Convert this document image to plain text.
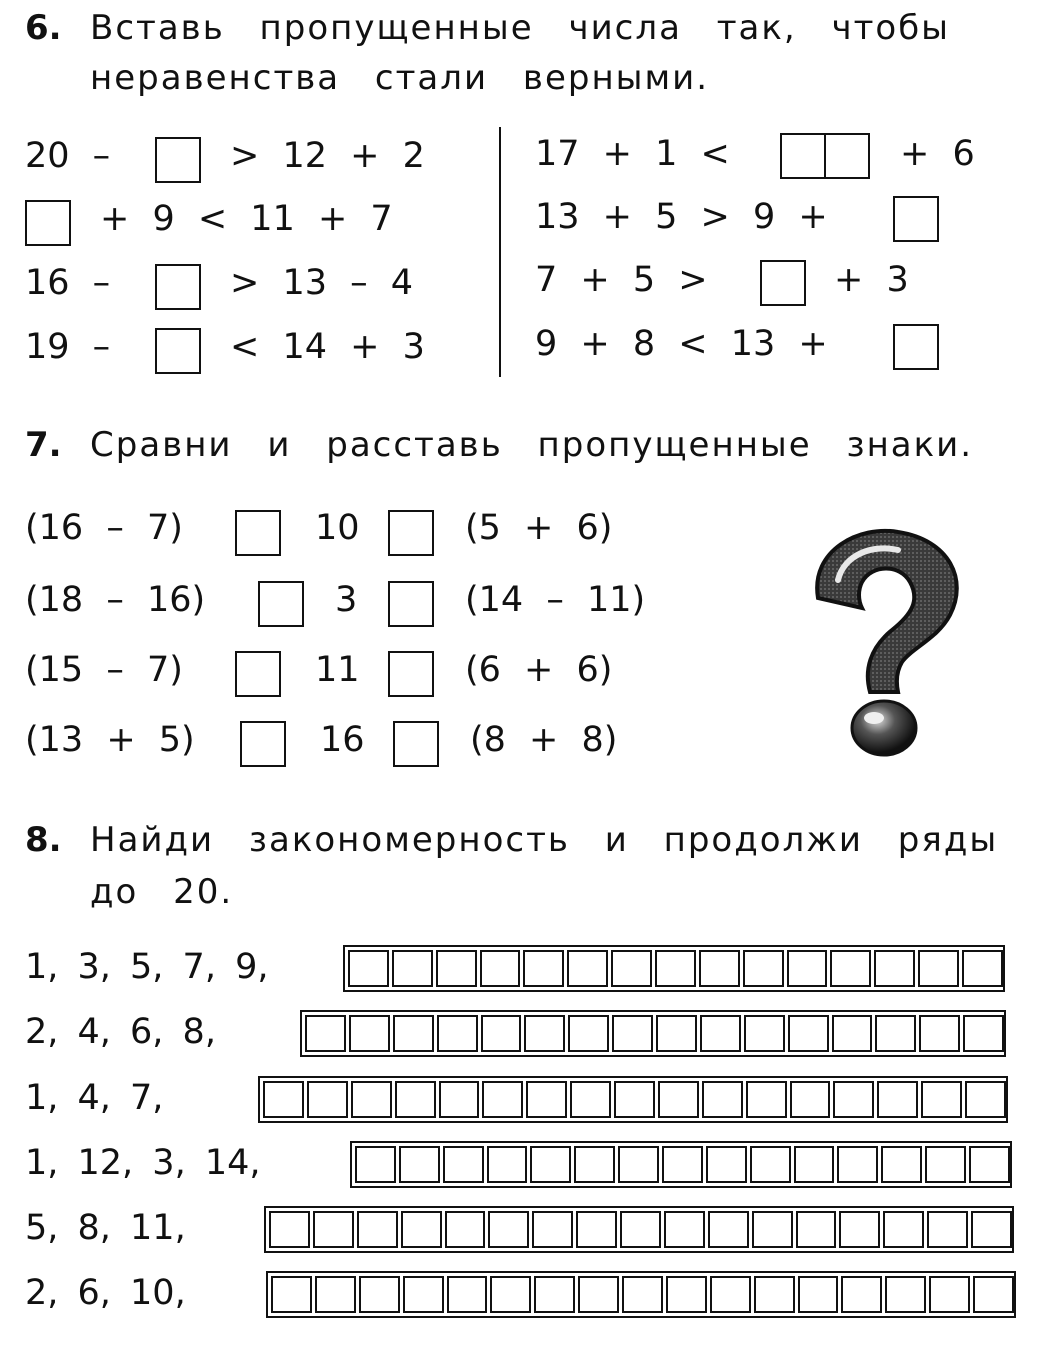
6. Вставь пропущенные числа так, чтобы
неравенства стали верными.
20 –	> 12 + 2
+ 9 < 11 + 7
16 –	> 13 – 4
19 –	< 14 + 3
17 + 1 <	+ 6
13 + 5 > 9 +
7 + 5 >	+ 3
9 + 8 < 13 +
7. Сравни и расставь пропущенные знаки.
(16 – 7)	10	(5 + 6)
(18 – 16)	3	(14 – 11)
(15 – 7)	11	(6 + 6)
(13 + 5)	16	(8 + 8)
8. Найди закономерность и продолжи ряды
до 20.
1, 3, 5, 7, 9,
2, 4, 6, 8,
1, 4, 7,
1, 12, 3, 14,
5, 8, 11,
2, 6, 10,
